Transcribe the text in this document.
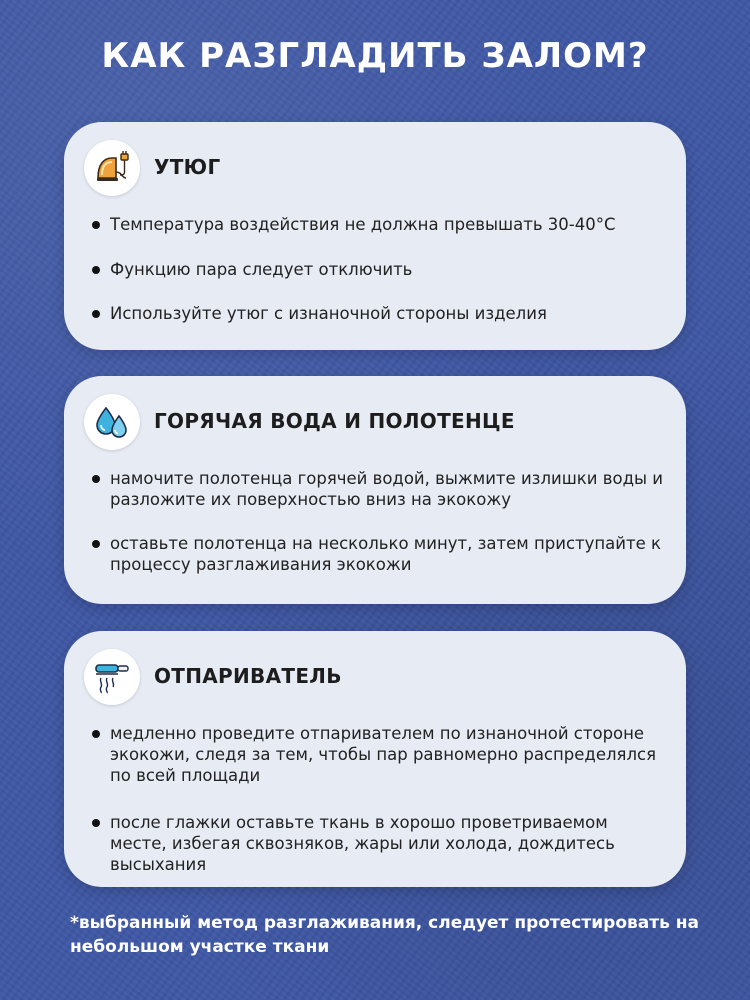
КАК РАЗГЛАДИТЬ ЗАЛОМ?
УТЮГ
Температура воздействия не должна превышать 30-40°C
Функцию пара следует отключить
Используйте утюг с изнаночной стороны изделия
ГОРЯЧАЯ ВОДА И ПОЛОТЕНЦЕ
намочите полотенца горячей водой, выжмите излишки воды и разложите их поверхностью вниз на экокожу
оставьте полотенца на несколько минут, затем приступайте к процессу разглаживания экокожи
ОТПАРИВАТЕЛЬ
медленно проведите отпаривателем по изнаночной стороне экокожи, следя за тем, чтобы пар равномерно распределялся по всей площади
после глажки оставьте ткань в хорошо проветриваемом месте, избегая сквозняков, жары или холода, дождитесь высыхания
*выбранный метод разглаживания, следует протестировать на небольшом участке ткани
